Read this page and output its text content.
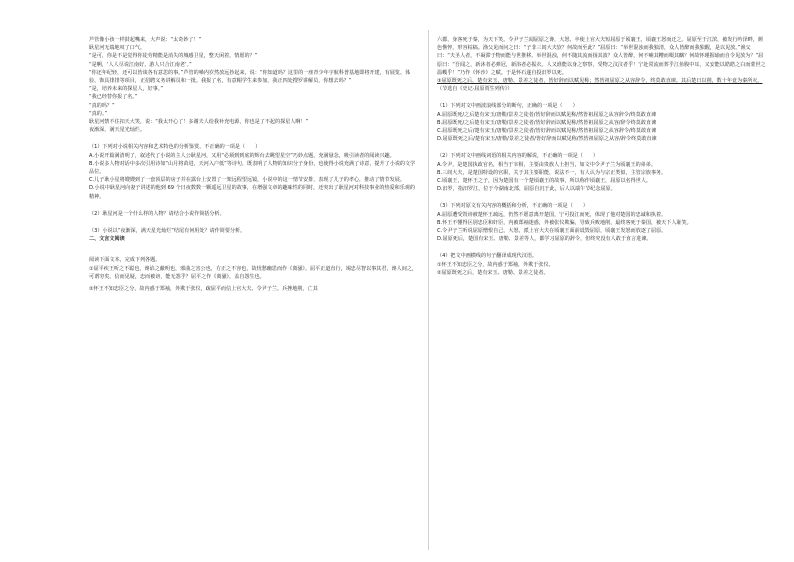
芦管像小孩一样鼓起嘴来，大声说：“太奇妙了！”

耿星河无端地叹了口气。

“是可，你是不是觉得你徒劳精能是消失的城感卫星，整天闲着，情愿的？”

“是啊，‘人人尽说江南好，游人只合江南老’。”

“你还年纪轻，还可以皆谈各有意思的事。”芦管的嗓内岁然放远抄起来，说：“你知道吗？这里的一座青少年宇航科普基地即将开建，有展览、体验、饰具排排等项目，正招聘义务讲解员和一批。我报了名，有意帽学生来参加，我正四处搜罗讲解员，你想去吗？”

“是，培养未来的探星人，好事。”

“我已经替你报了名。”

“真的吗？”

“真的。”

耿星河禁不住扣天大笑，说：“我太开心了！多谢夫人给我补充电源，你也是了不起的探星人啊！”

夜渐深，满天星光灿烂。

（1）下列对小说相关内容和艺术特色的分析鉴赏，不正确的一项是（　　）

A.小说开篇满清明了，叙述代了小说的主人公耿星河，又用“必须到到底的辉台去眺望星空”巧妙点题，充满悬念，吸引读者的阅读兴趣。

B.小说多人物对话中多次引用诗如“山月将苗进，天河入户低”等诗句，既表明了人物的知识分子身份，也使得小说充满了诗意，提升了小说的文学品位。

C.儿子耿小星将嫂嫂到了一套顶层的房子并在露台上安置了一架远程望远镜，小说中的这一情节安排，表现了儿子的孝心，推动了情节发展。

D.小说中耿星河向妻子讲述的他到 69 个日夜数数一颗遥远卫星的故事，在增强文章的趣味性的同时，还突出了耿星河对科技事业的热爱和乐观的精神。

（2）耿星河是一个什么样的人物？请结合小说作简括分析。

（3）小说以“夜渐深，满天星光灿烂”结尾有何用处？请作简要分析。

二、文言文阅读

阅读下面文本，完成下列各题。

①屈平疾王听之不聪也，谗谄之蔽明也，邪曲之害公也，方正之不容也，故忧愁幽思而作《离骚》。屈平正道直行，竭忠尽智以事其君，谗人间之，可谓穷矣。信而见疑，忠而被谤，能无怨乎？屈平之作《离骚》，盖自怨生也。

②怀王不知忠臣之分，故内惑于郑袖，外欺于张仪，疏屈平而信上官大夫、令尹子兰。兵挫地削，亡其

六郡，身客死于秦，为天下笑。令尹子兰闻屈原之谗，大怒，卒使上官大夫短屈原于顷襄王，顷襄王怒而迁之。屈原至于江滨，被发行吟泽畔，颜色憔悴，形容枯槁。渔父见而问之曰：“子非三闾大夫欤？何故而至此？”屈原曰：“举世混浊而我独清，众人皆醉而我独醒，是以见放。”渔父曰：“夫圣人者，不凝滞于物而能与世推移。举世混浊，何不随其流而扬其波？众人皆醉，何不哺其糟而啜其醨？何故怀瑾握瑜而自令见放为？”屈原曰：“吾闻之，新沐者必弹冠，新浴者必振衣。人又谁能以身之察察，受物之汶汶者乎！宁赴常流而葬乎江鱼腹中耳，又安能以皓皓之白而蒙世之温蠖乎！”乃作《怀沙》之赋。于是怀石遂自投汨罗以死。

③屈原既死之后，楚有宋玉、唐勒、景差之徒者，皆好辞而以赋见称；然皆祖屈原之从容辞令，终莫敢直谏。其后楚日以削，数十年竟为秦所灭。

（节选自《史记·屈原贾生列传》）

（1）下列对文中画波浪线部分的断句，正确的一项是（　　）

A.屈原既死/之后楚有宋玉/唐勒/景差之徒者/皆好辞而以赋见称/然皆祖屈原之从容辞令/终莫敢直谏

B.屈原既死/之后楚有宋玉/唐勒/景差之徒者/皆好辞而以赋见称/然皆祖屈原之从容/辞令终莫敢直谏

C.屈原既死之后/楚有宋玉/唐勒/景差之徒者/皆好辞而以赋见称/然皆祖屈原之从容辞令/终莫敢直谏

D.屈原既死之后/楚有宋玉/唐勒/景差之徒者/皆好辞而以赋见称/然皆祖屈原之从容/辞令终莫敢直谏

（2）下列对文中画线词语的相关内容的解说，不正确的一项是（　　）

A.令尹，是楚国执政官名，相当于宰相，主要由贵族人士担当，如文中令尹子兰为顷襄王的弟弟。

B.三闾大夫，是楚国特设的官职，关于其主要职能，说法不一，有人认为与宗正类似，主管宗族事务。

C.顷襄王，楚怀王之子，因为楚国有一个楚顷襄王的故事，所以称作顷襄王，屈原以名得世人。

D.汨罗，指汨罗江，位于今湖南北部，屈原自沉于此，后人以端午节纪念屈原。

（3）下列对原文有关内容的概括和分析，不正确的一项是（　　）

A.屈原遭受毁谤被楚怀王疏远，仍然不愿意离开楚国，宁可投江而死，体现了他对楚国的忠诚和执着。

B.怀王不懂得区别忠臣和奸臣，内被郑袖迷惑，外被张仪欺骗，导致兵败地削，最终客死于秦国，被天下人耻笑。

C.令尹子兰听说屈原憎恨自己，大怒，派上官大夫在顷襄王面前诋毁屈原，顷襄王发怒而放逐了屈原。

D.屈原死后，楚国有宋玉、唐勒、景差等人，都学习屈原的辞令，但终究没有人敢于直言进谏。

（4）把文中画横线的句子翻译成现代汉语。

①怀王不知忠臣之分，故内惑于郑袖，外欺于张仪。

②屈原既死之后，楚有宋玉、唐勒、景差之徒者。
